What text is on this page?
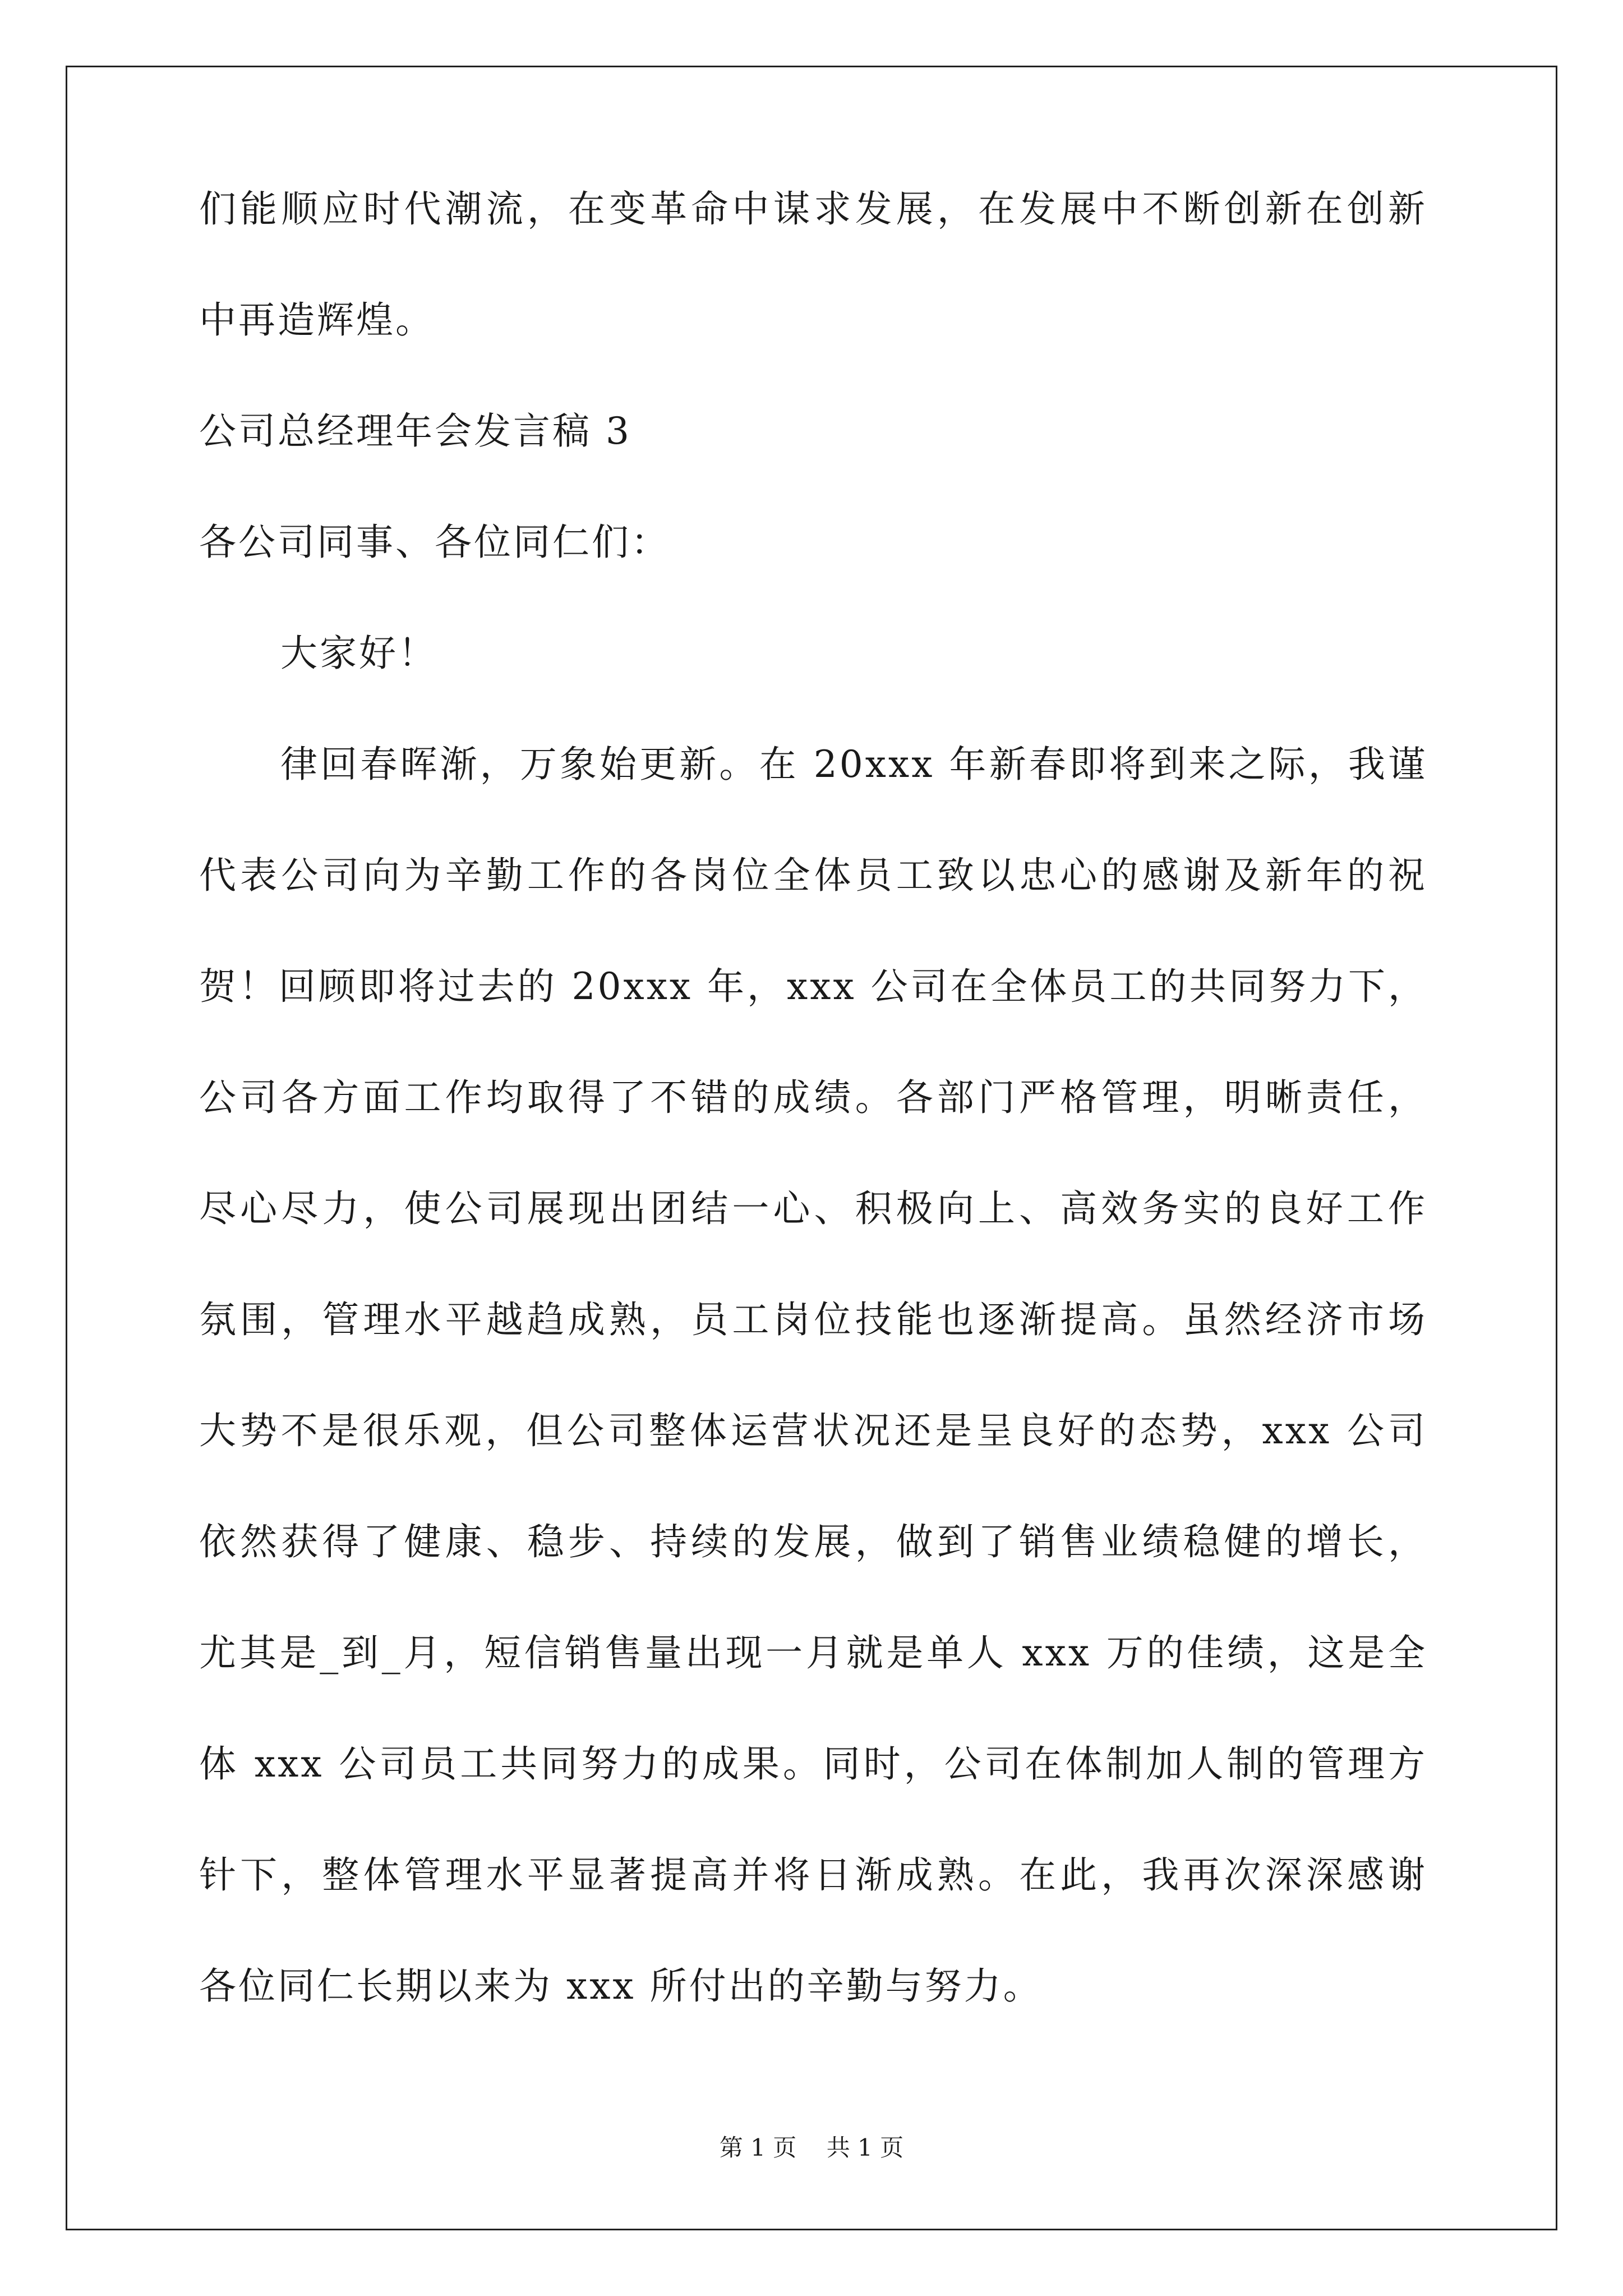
们能顺应时代潮流，在变革命中谋求发展，在发展中不断创新在创新
中再造辉煌。
公司总经理年会发言稿 3
各公司同事、各位同仁们：
大家好！
律回春晖渐，万象始更新。在 20xxx 年新春即将到来之际，我谨
代表公司向为辛勤工作的各岗位全体员工致以忠心的感谢及新年的祝
贺！回顾即将过去的 20xxx 年，xxx 公司在全体员工的共同努力下，
公司各方面工作均取得了不错的成绩。各部门严格管理，明晰责任，
尽心尽力，使公司展现出团结一心、积极向上、高效务实的良好工作
氛围，管理水平越趋成熟，员工岗位技能也逐渐提高。虽然经济市场
大势不是很乐观，但公司整体运营状况还是呈良好的态势，xxx 公司
依然获得了健康、稳步、持续的发展，做到了销售业绩稳健的增长，
尤其是_到_月，短信销售量出现一月就是单人 xxx 万的佳绩，这是全
体 xxx 公司员工共同努力的成果。同时，公司在体制加人制的管理方
针下，整体管理水平显著提高并将日渐成熟。在此，我再次深深感谢
各位同仁长期以来为 xxx 所付出的辛勤与努力。
第 1 页    共 1 页
